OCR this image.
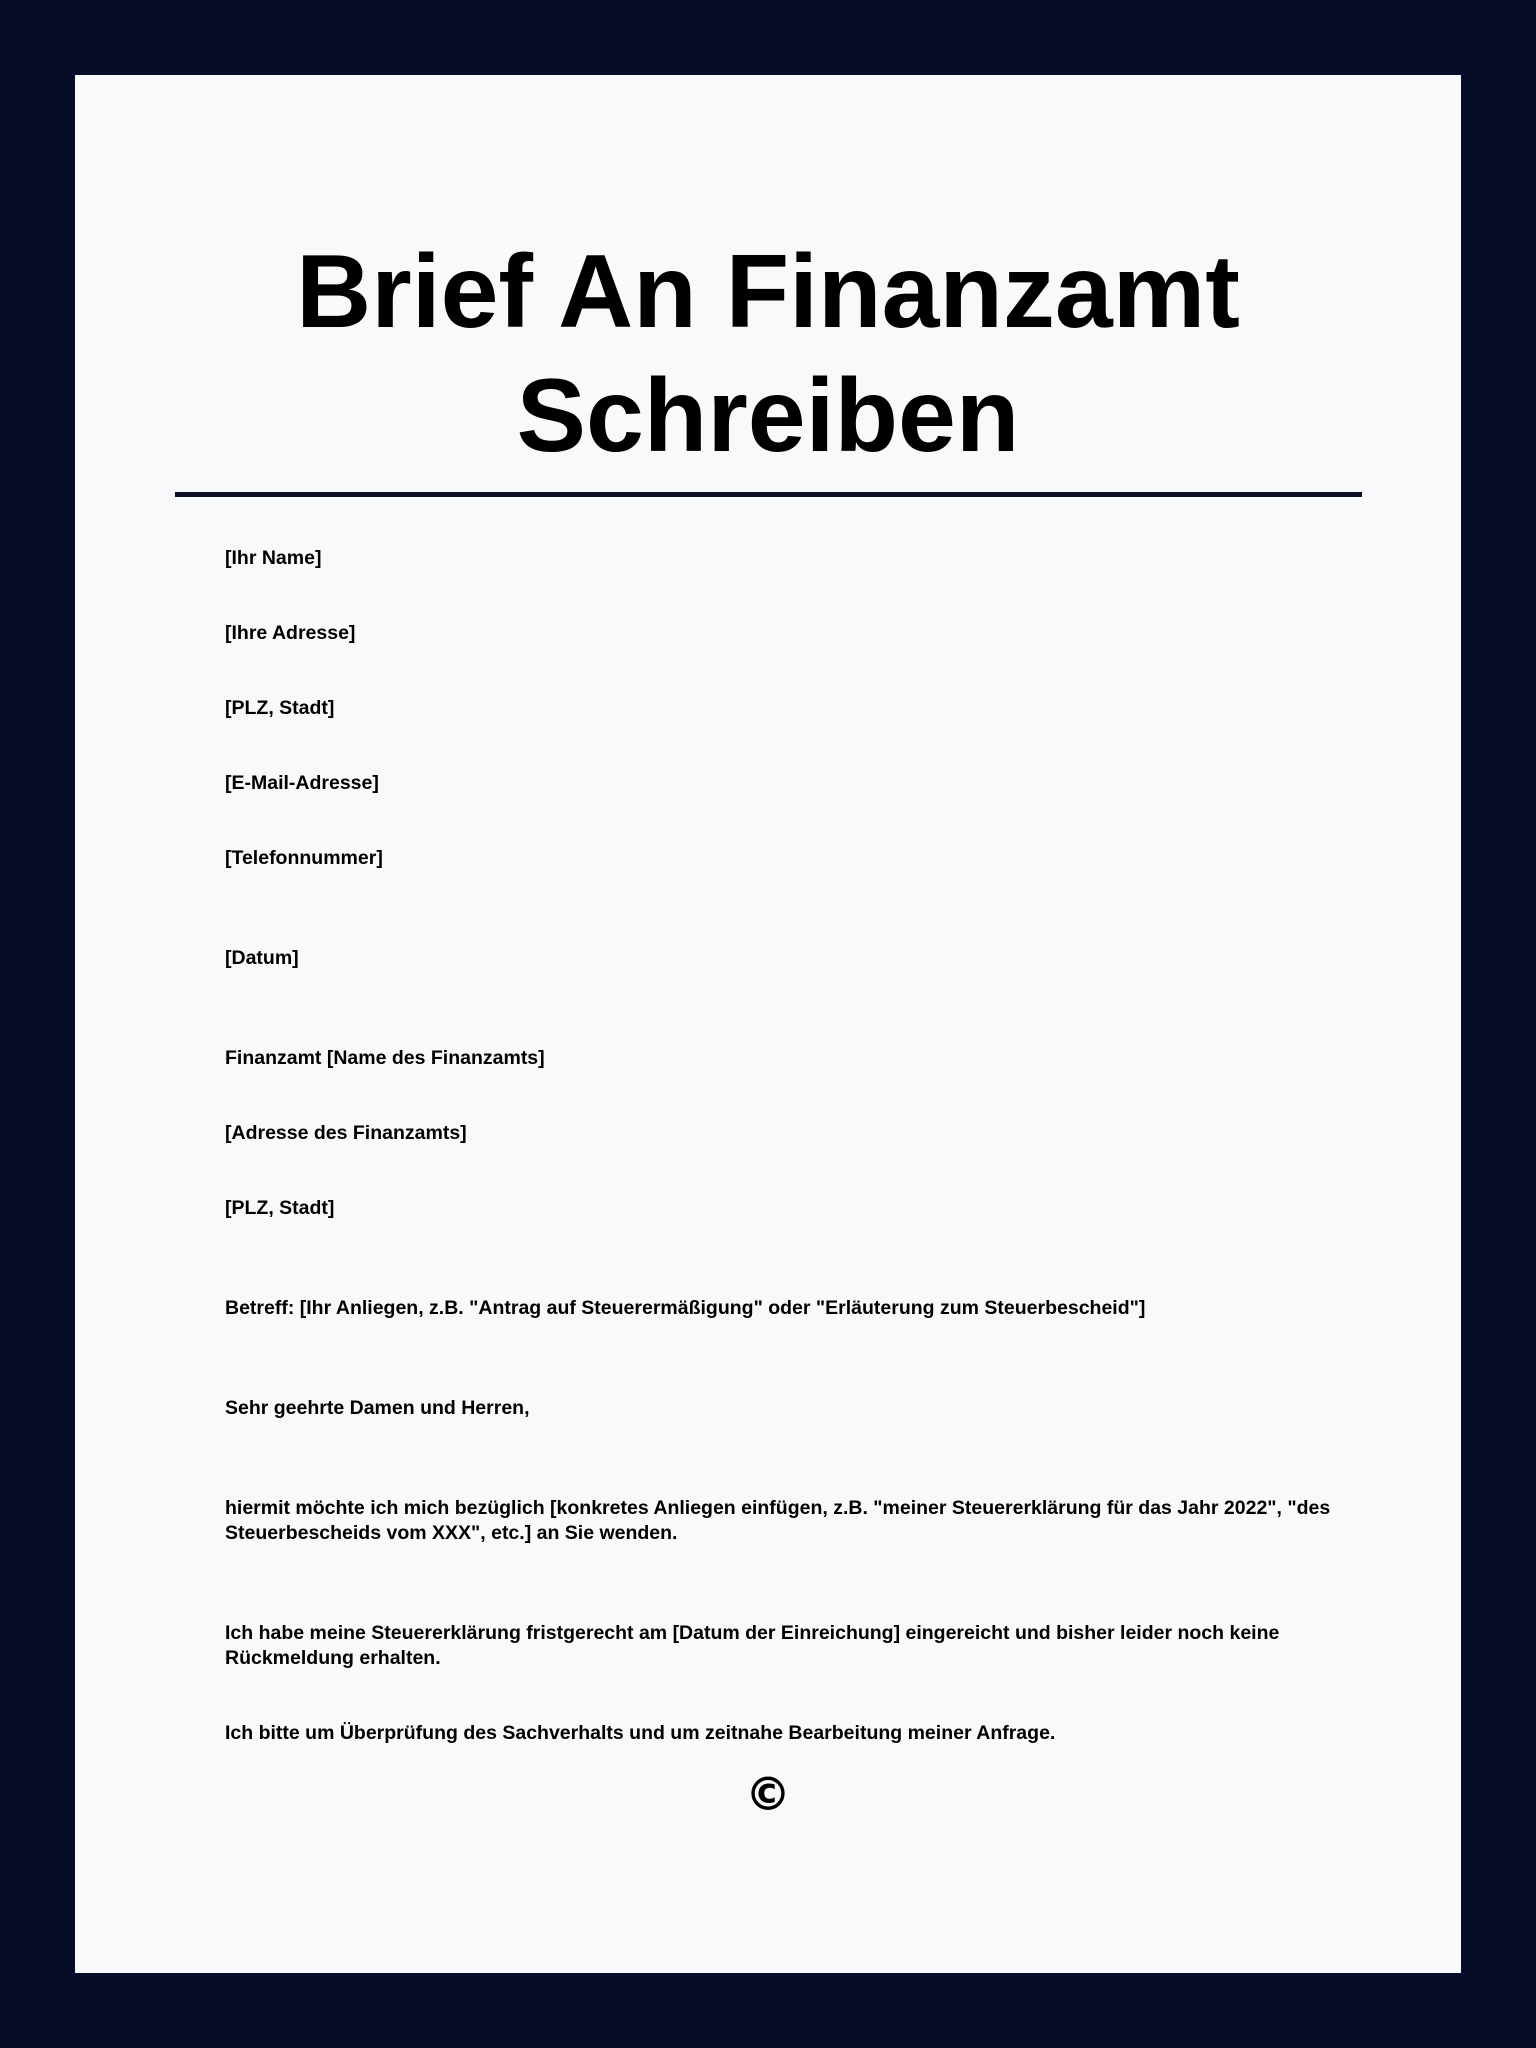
Brief An Finanzamt Schreiben

[Ihr Name]

[Ihre Adresse]

[PLZ, Stadt]

[E-Mail-Adresse]

[Telefonnummer]

[Datum]

Finanzamt [Name des Finanzamts]

[Adresse des Finanzamts]

[PLZ, Stadt]

Betreff: [Ihr Anliegen, z.B. "Antrag auf Steuerermäßigung" oder "Erläuterung zum Steuerbescheid"]

Sehr geehrte Damen und Herren,

hiermit möchte ich mich bezüglich [konkretes Anliegen einfügen, z.B. "meiner Steuererklärung für das Jahr 2022", "des Steuerbescheids vom XXX", etc.] an Sie wenden.

Ich habe meine Steuererklärung fristgerecht am [Datum der Einreichung] eingereicht und bisher leider noch keine Rückmeldung erhalten.

Ich bitte um Überprüfung des Sachverhalts und um zeitnahe Bearbeitung meiner Anfrage.

©
